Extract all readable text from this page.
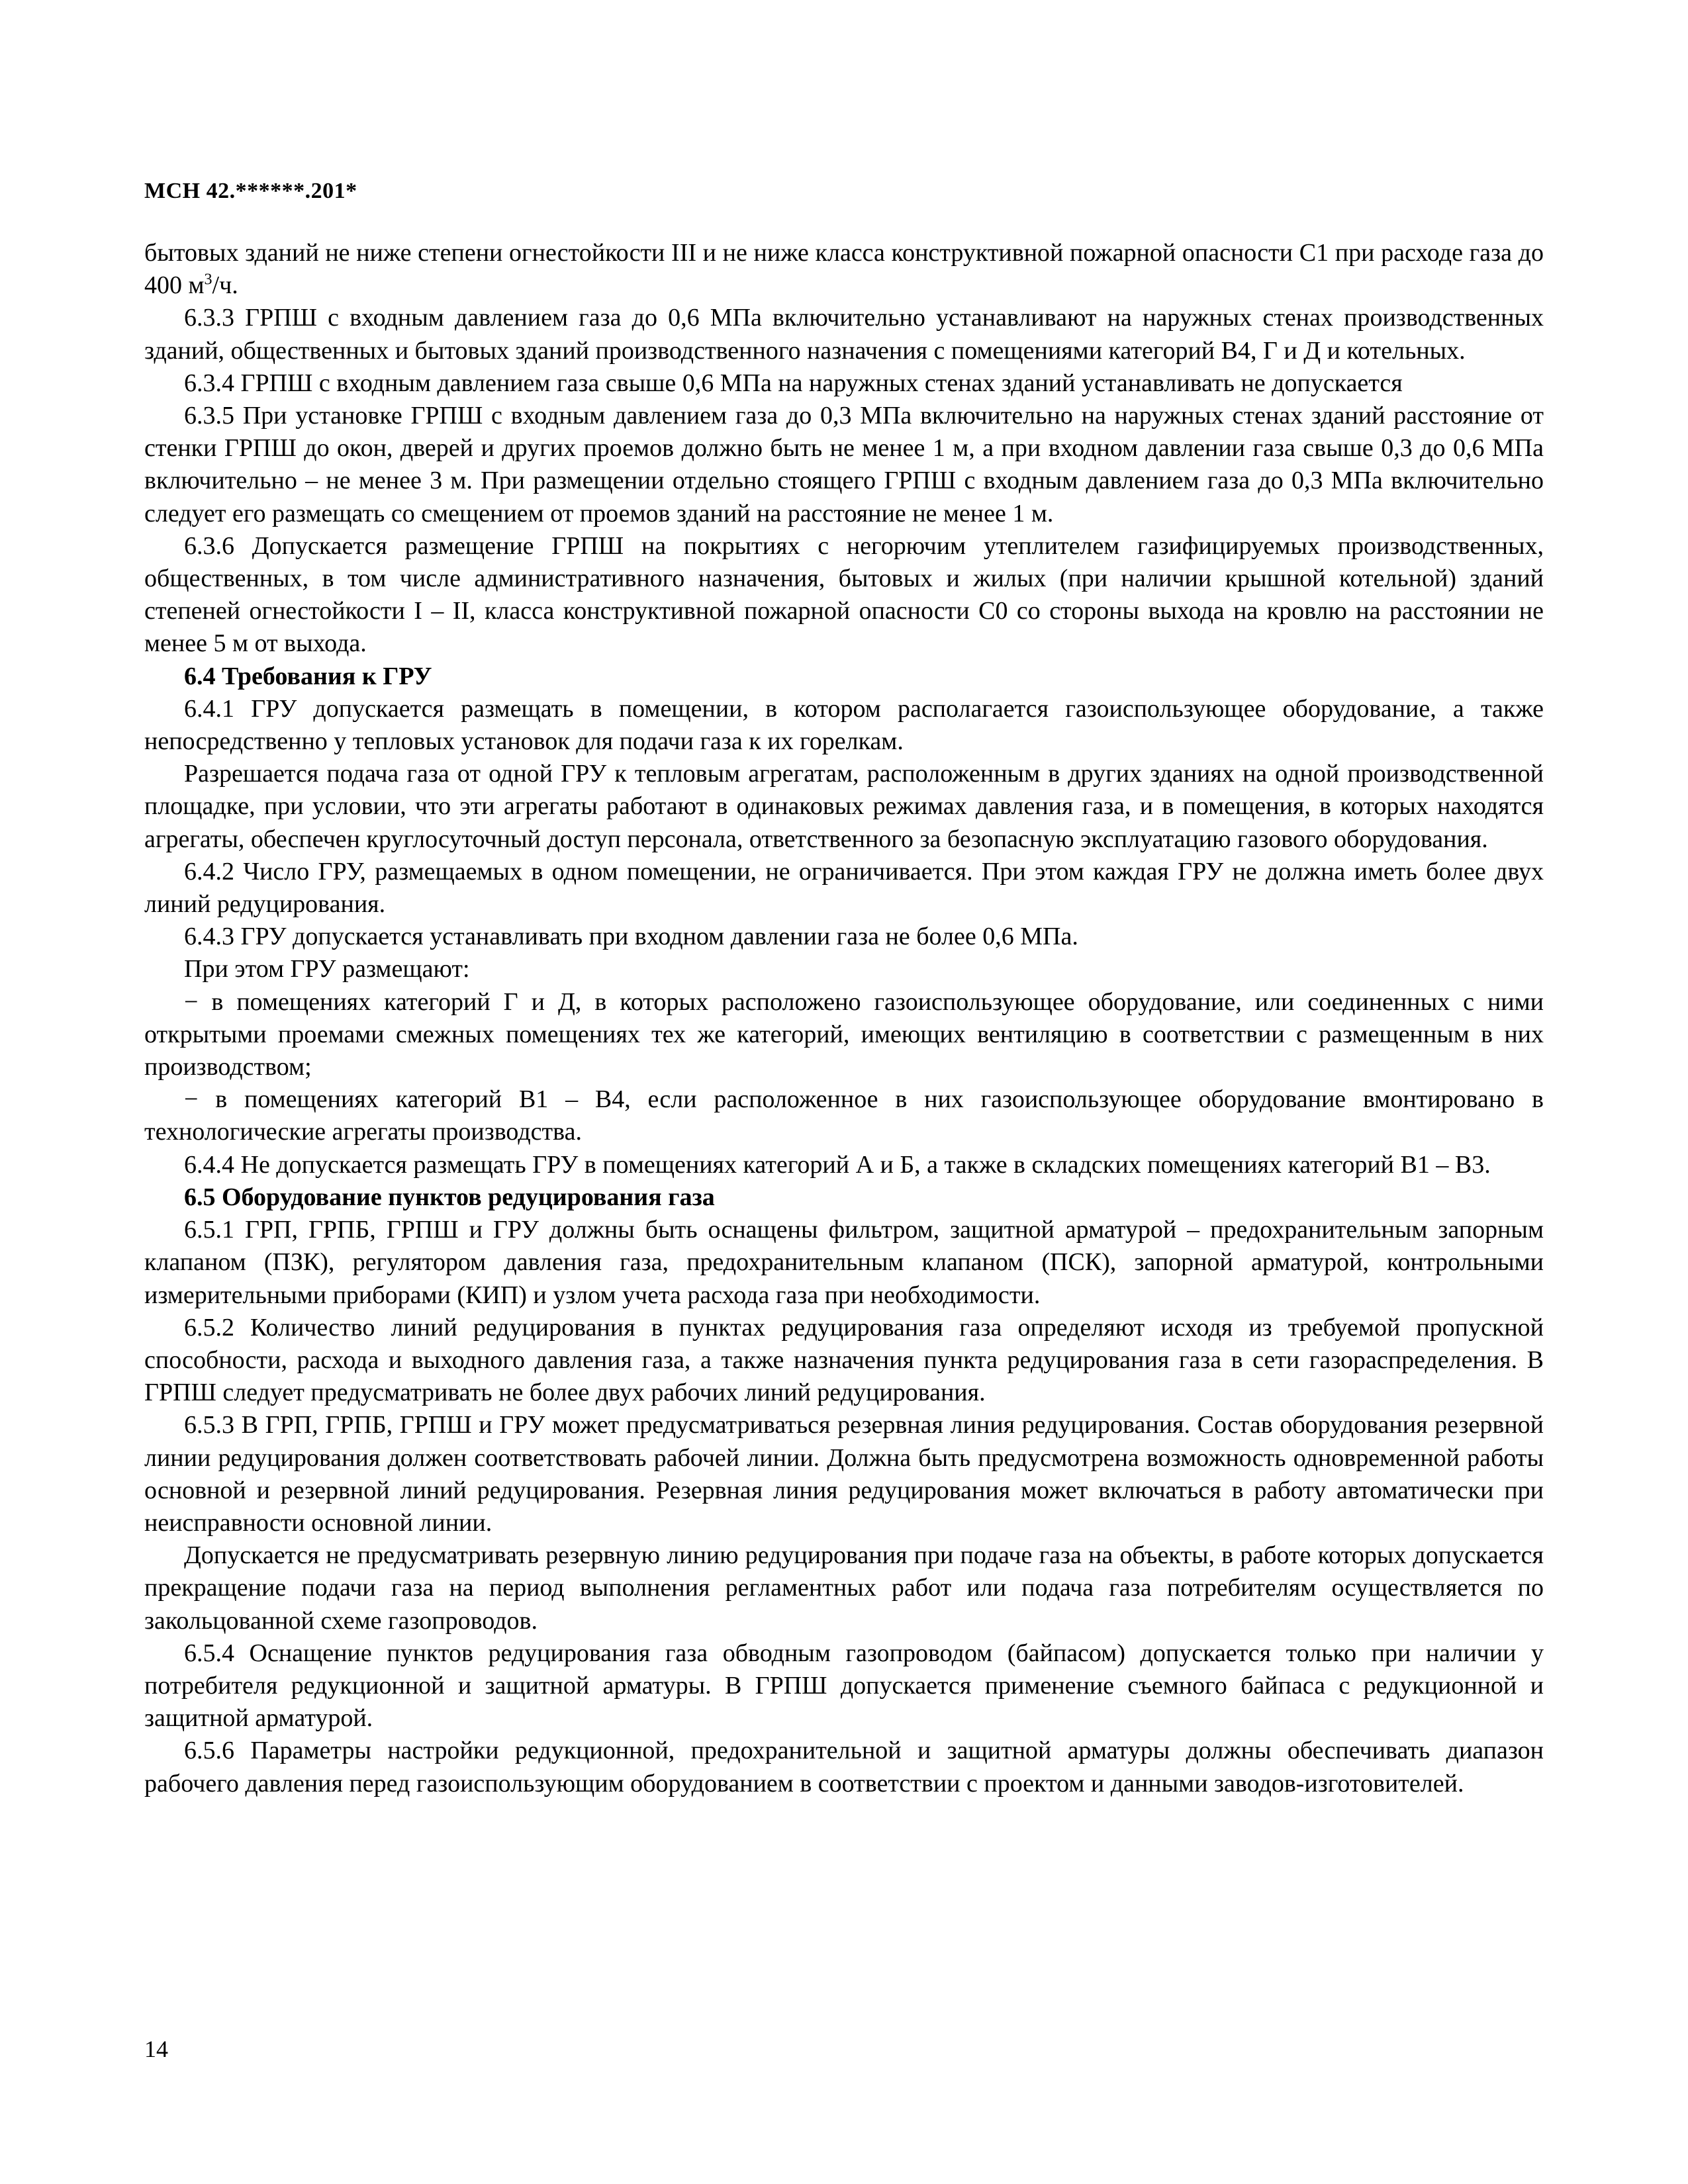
МСН 42.******.201*

бытовых зданий не ниже степени огнестойкости III и не ниже класса конструктивной пожарной опасности С1 при расходе газа до 400 $м^3/ч$.

6.3.3 ГРПШ с входным давлением газа до 0,6 МПа включительно устанавливают на наружных стенах производственных зданий, общественных и бытовых зданий производственного назначения с помещениями категорий В4, Г и Д и котельных.

6.3.4 ГРПШ с входным давлением газа свыше 0,6 МПа на наружных стенах зданий устанавливать не допускается

6.3.5 При установке ГРПШ с входным давлением газа до 0,3 МПа включительно на наружных стенах зданий расстояние от стенки ГРПШ до окон, дверей и других проемов должно быть не менее 1 м, а при входном давлении газа свыше 0,3 до 0,6 МПа включительно – не менее 3 м. При размещении отдельно стоящего ГРПШ с входным давлением газа до 0,3 МПа включительно следует его размещать со смещением от проемов зданий на расстояние не менее 1 м.

6.3.6 Допускается размещение ГРПШ на покрытиях с негорючим утеплителем газифицируемых производственных, общественных, в том числе административного назначения, бытовых и жилых (при наличии крышной котельной) зданий степеней огнестойкости I – II, класса конструктивной пожарной опасности С0 со стороны выхода на кровлю на расстоянии не менее 5 м от выхода.

6.4 Требования к ГРУ

6.4.1 ГРУ допускается размещать в помещении, в котором располагается газоиспользующее оборудование, а также непосредственно у тепловых установок для подачи газа к их горелкам.

Разрешается подача газа от одной ГРУ к тепловым агрегатам, расположенным в других зданиях на одной производственной площадке, при условии, что эти агрегаты работают в одинаковых режимах давления газа, и в помещения, в которых находятся агрегаты, обеспечен круглосуточный доступ персонала, ответственного за безопасную эксплуатацию газового оборудования.

6.4.2 Число ГРУ, размещаемых в одном помещении, не ограничивается. При этом каждая ГРУ не должна иметь более двух линий редуцирования.

6.4.3 ГРУ допускается устанавливать при входном давлении газа не более 0,6 МПа.

При этом ГРУ размещают:

− в помещениях категорий Г и Д, в которых расположено газоиспользующее оборудование, или соединенных с ними открытыми проемами смежных помещениях тех же категорий, имеющих вентиляцию в соответствии с размещенным в них производством;

− в помещениях категорий В1 – В4, если расположенное в них газоиспользующее оборудование вмонтировано в технологические агрегаты производства.

6.4.4 Не допускается размещать ГРУ в помещениях категорий А и Б, а также в складских помещениях категорий В1 – В3.

6.5 Оборудование пунктов редуцирования газа

6.5.1 ГРП, ГРПБ, ГРПШ и ГРУ должны быть оснащены фильтром, защитной арматурой – предохранительным запорным клапаном (ПЗК), регулятором давления газа, предохранительным клапаном (ПСК), запорной арматурой, контрольными измерительными приборами (КИП) и узлом учета расхода газа при необходимости.

6.5.2 Количество линий редуцирования в пунктах редуцирования газа определяют исходя из требуемой пропускной способности, расхода и выходного давления газа, а также назначения пункта редуцирования газа в сети газораспределения. В ГРПШ следует предусматривать не более двух рабочих линий редуцирования.

6.5.3 В ГРП, ГРПБ, ГРПШ и ГРУ может предусматриваться резервная линия редуцирования. Состав оборудования резервной линии редуцирования должен соответствовать рабочей линии. Должна быть предусмотрена возможность одновременной работы основной и резервной линий редуцирования. Резервная линия редуцирования может включаться в работу автоматически при неисправности основной линии.

Допускается не предусматривать резервную линию редуцирования при подаче газа на объекты, в работе которых допускается прекращение подачи газа на период выполнения регламентных работ или подача газа потребителям осуществляется по закольцованной схеме газопроводов.

6.5.4 Оснащение пунктов редуцирования газа обводным газопроводом (байпасом) допускается только при наличии у потребителя редукционной и защитной арматуры. В ГРПШ допускается применение съемного байпаса с редукционной и защитной арматурой.

6.5.6 Параметры настройки редукционной, предохранительной и защитной арматуры должны обеспечивать диапазон рабочего давления перед газоиспользующим оборудованием в соответствии с проектом и данными заводов-изготовителей.

14
